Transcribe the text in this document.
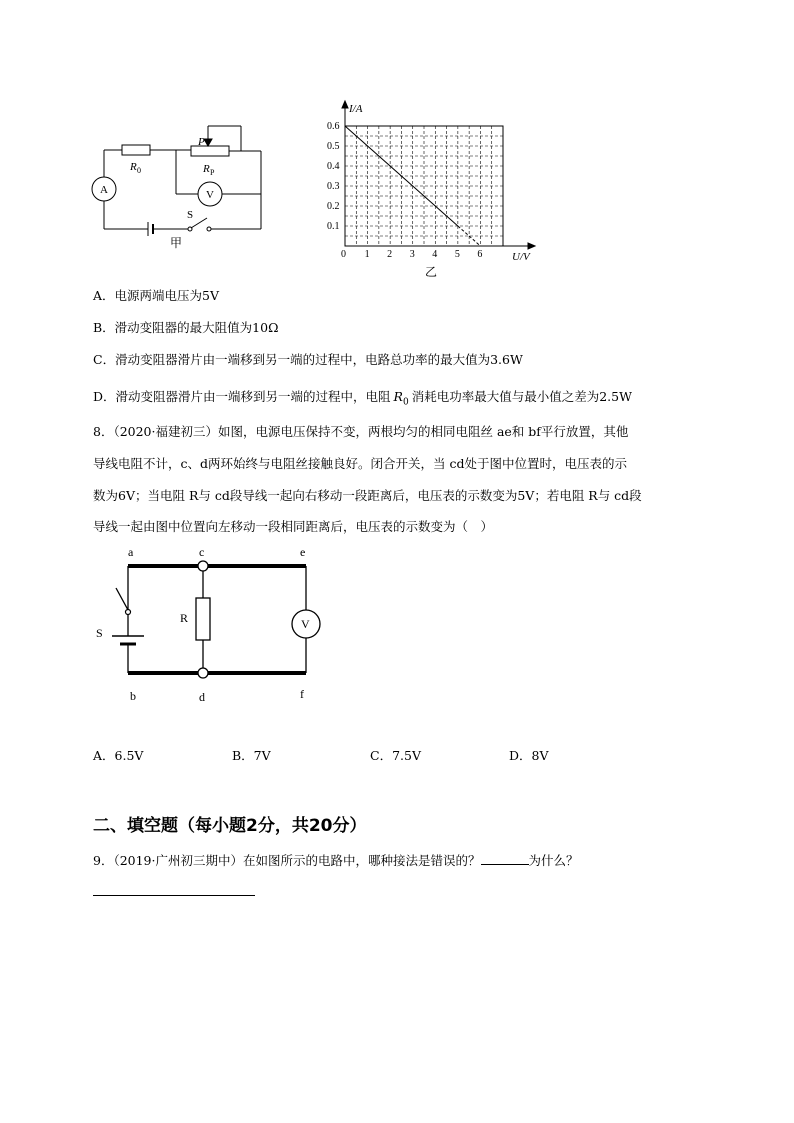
R 0
P
R P
A	V
S
甲
1 2 3 4 5 6
0.1
0.2
0.3
0.4
0.5
0.6
I/A
U/V
0
乙
A．电源两端电压为5V
B．滑动变阻器的最大阻值为10Ω
C．滑动变阻器滑片由一端移到另一端的过程中，电路总功率的最大值为3.6W
D．滑动变阻器滑片由一端移到另一端的过程中，电阻 $R_0$ 消耗电功率最大值与最小值之差为2.5W
8．（2020·福建初三）如图，电源电压保持不变，两根均匀的相同电阻丝 ae和 bf平行放置，其他
导线电阻不计，c、d两环始终与电阻丝接触良好。闭合开关，当 cd处于图中位置时，电压表的示
数为6V；当电阻 R与 cd段导线一起向右移动一段距离后，电压表的示数变为5V；若电阻 R与 cd段
导线一起由图中位置向左移动一段相同距离后，电压表的示数变为（　）
a	c	e
S
R	V
b	d	f
A．6.5V	B．7V	C．7.5V	D．8V
二、填空题（每小题2分，共20分）
9．（2019·广州初三期中）在如图所示的电路中，哪种接法是错误的？	为什么？
